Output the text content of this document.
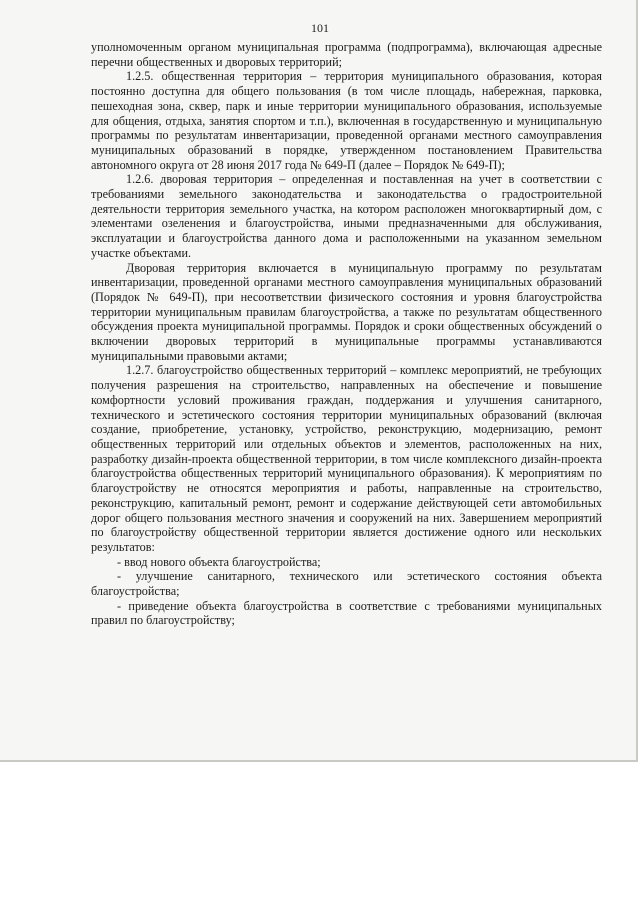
101

уполномоченным органом муниципальная программа (подпрограмма), включающая адресные перечни общественных и дворовых территорий;

1.2.5. общественная территория – территория муниципального образования, которая постоянно доступна для общего пользования (в том числе площадь, набережная, парковка, пешеходная зона, сквер, парк и иные территории муниципального образования, используемые для общения, отдыха, занятия спортом и т.п.), включенная в государственную и муниципальную программы по результатам инвентаризации, проведенной органами местного самоуправления муниципальных образований в порядке, утвержденном постановлением Правительства автономного округа от 28 июня 2017 года № 649-П (далее – Порядок № 649-П);

1.2.6. дворовая территория – определенная и поставленная на учет в соответствии с требованиями земельного законодательства и законодательства о градостроительной деятельности территория земельного участка, на котором расположен многоквартирный дом, с элементами озеленения и благоустройства, иными предназначенными для обслуживания, эксплуатации и благоустройства данного дома и расположенными на указанном земельном участке объектами.

Дворовая территория включается в муниципальную программу по результатам инвентаризации, проведенной органами местного самоуправления муниципальных образований (Порядок № 649-П), при несоответствии физического состояния и уровня благоустройства территории муниципальным правилам благоустройства, а также по результатам общественного обсуждения проекта муниципальной программы. Порядок и сроки общественных обсуждений о включении дворовых территорий в муниципальные программы устанавливаются муниципальными правовыми актами;

1.2.7. благоустройство общественных территорий – комплекс мероприятий, не требующих получения разрешения на строительство, направленных на обеспечение и повышение комфортности условий проживания граждан, поддержания и улучшения санитарного, технического и эстетического состояния территории муниципальных образований (включая создание, приобретение, установку, устройство, реконструкцию, модернизацию, ремонт общественных территорий или отдельных объектов и элементов, расположенных на них, разработку дизайн-проекта общественной территории, в том числе комплексного дизайн-проекта благоустройства общественных территорий муниципального образования). К мероприятиям по благоустройству не относятся мероприятия и работы, направленные на строительство, реконструкцию, капитальный ремонт, ремонт и содержание действующей сети автомобильных дорог общего пользования местного значения и сооружений на них. Завершением мероприятий по благоустройству общественной территории является достижение одного или нескольких результатов:

- ввод нового объекта благоустройства;

- улучшение санитарного, технического или эстетического состояния объекта благоустройства;

- приведение объекта благоустройства в соответствие с требованиями муниципальных правил по благоустройству;
